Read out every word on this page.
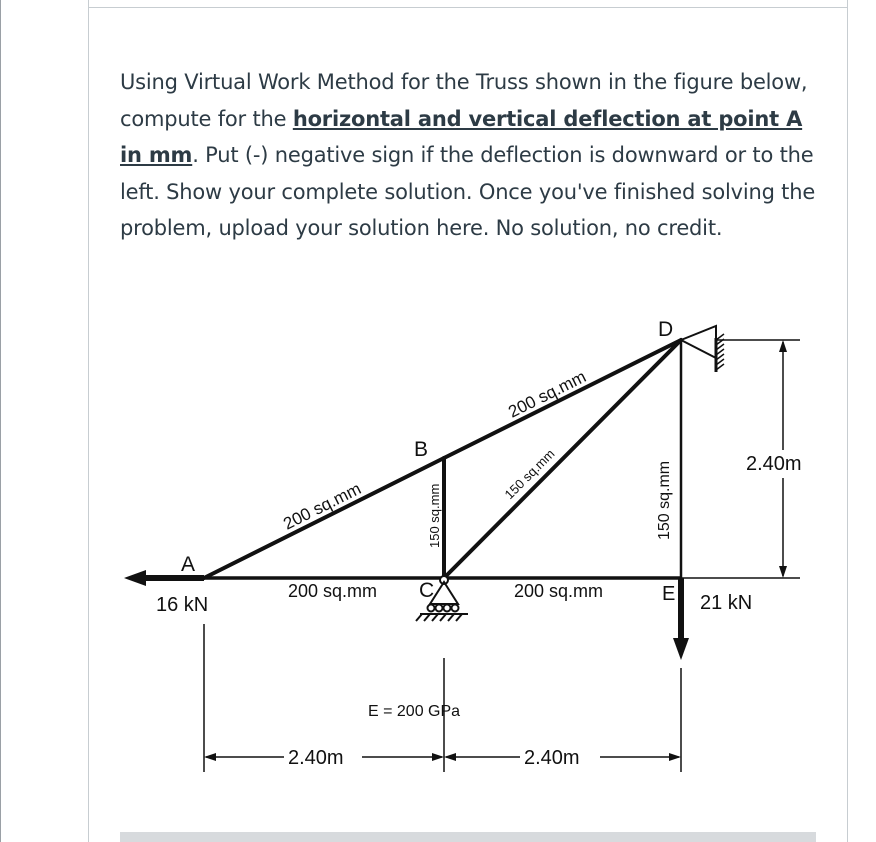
Using Virtual Work Method for the Truss shown in the figure below, compute for the horizontal and vertical deflection at point A in mm. Put (-) negative sign if the deflection is downward or to the left. Show your complete solution. Once you've finished solving the problem, upload your solution here. No solution, no credit.
A
B
C
D
E
200 sq.mm
200 sq.mm
200 sq.mm	200 sq.mm
150 sq.mm
150 sq.mm	150 sq.mm
16 kN	21 kN
2.40m
2.40m	2.40m
E = 200 GPa
